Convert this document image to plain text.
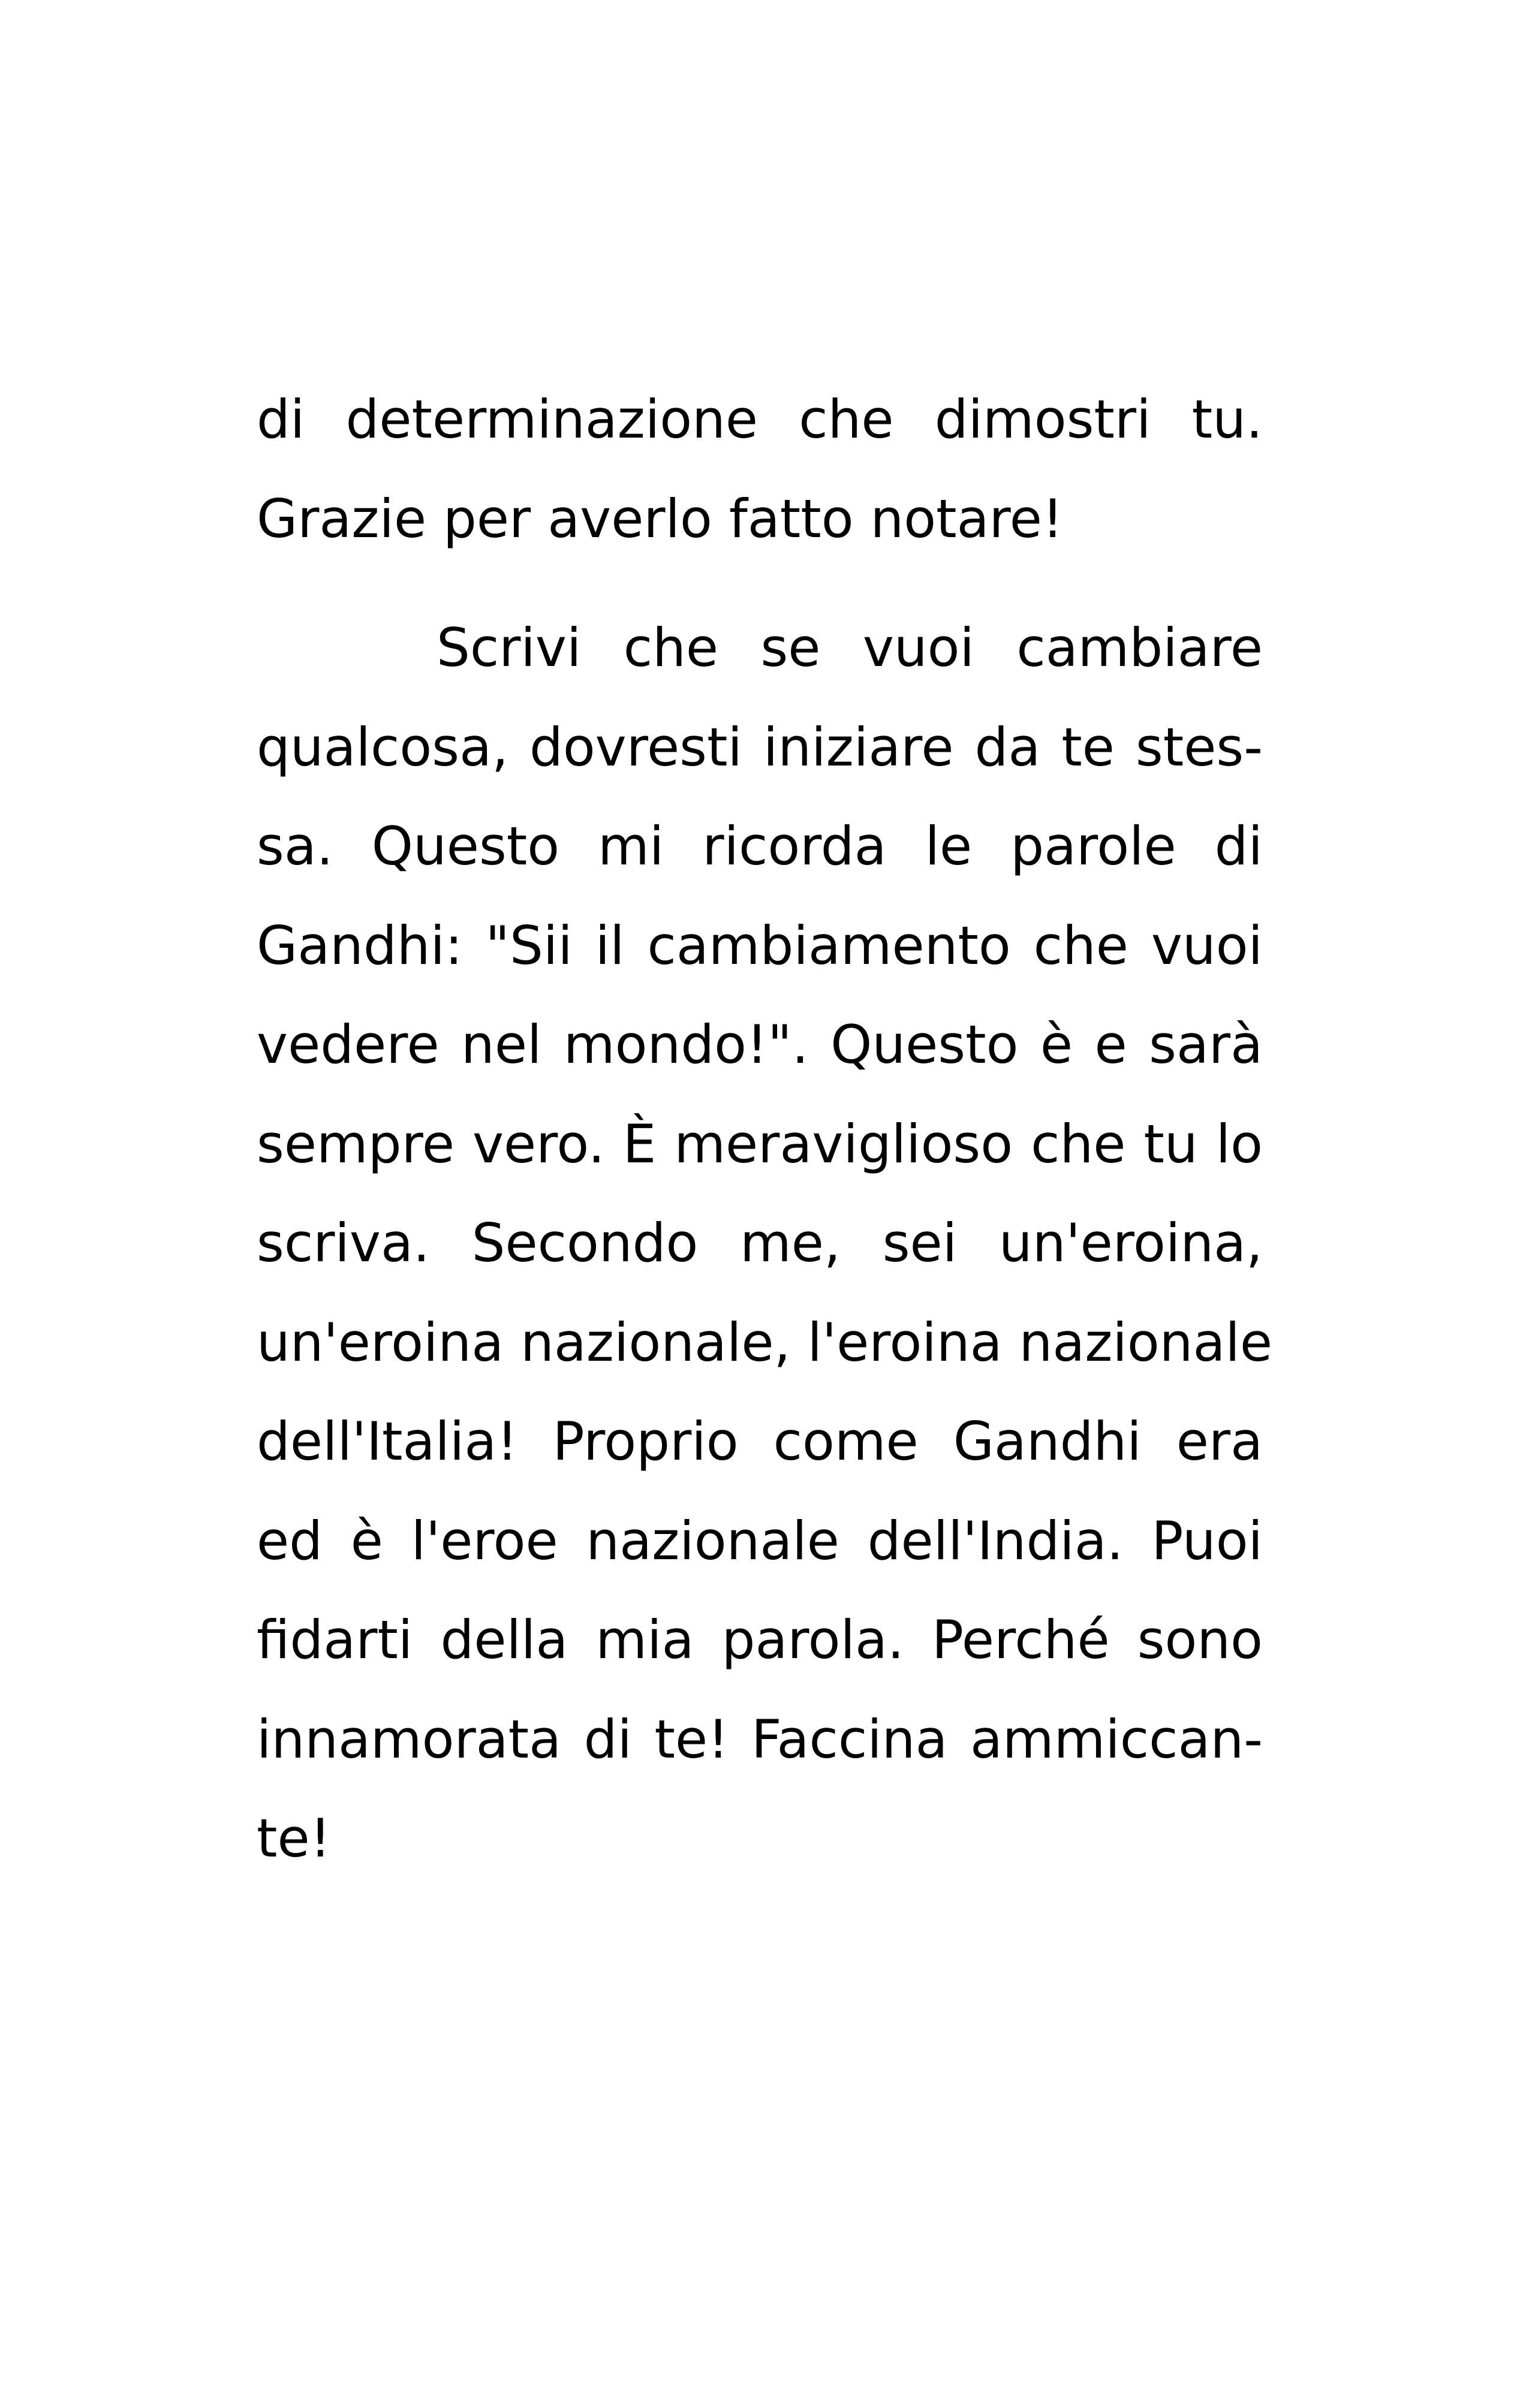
di determinazione che dimostri tu.
Grazie per averlo fatto notare!
Scrivi che se vuoi cambiare
qualcosa, dovresti iniziare da te stes-
sa. Questo mi ricorda le parole di
Gandhi: "Sii il cambiamento che vuoi
vedere nel mondo!". Questo è e sarà
sempre vero. È meraviglioso che tu lo
scriva. Secondo me, sei un'eroina,
un'eroina nazionale, l'eroina nazionale
dell'Italia! Proprio come Gandhi era
ed è l'eroe nazionale dell'India. Puoi
fidarti della mia parola. Perché sono
innamorata di te! Faccina ammiccan-
te!
